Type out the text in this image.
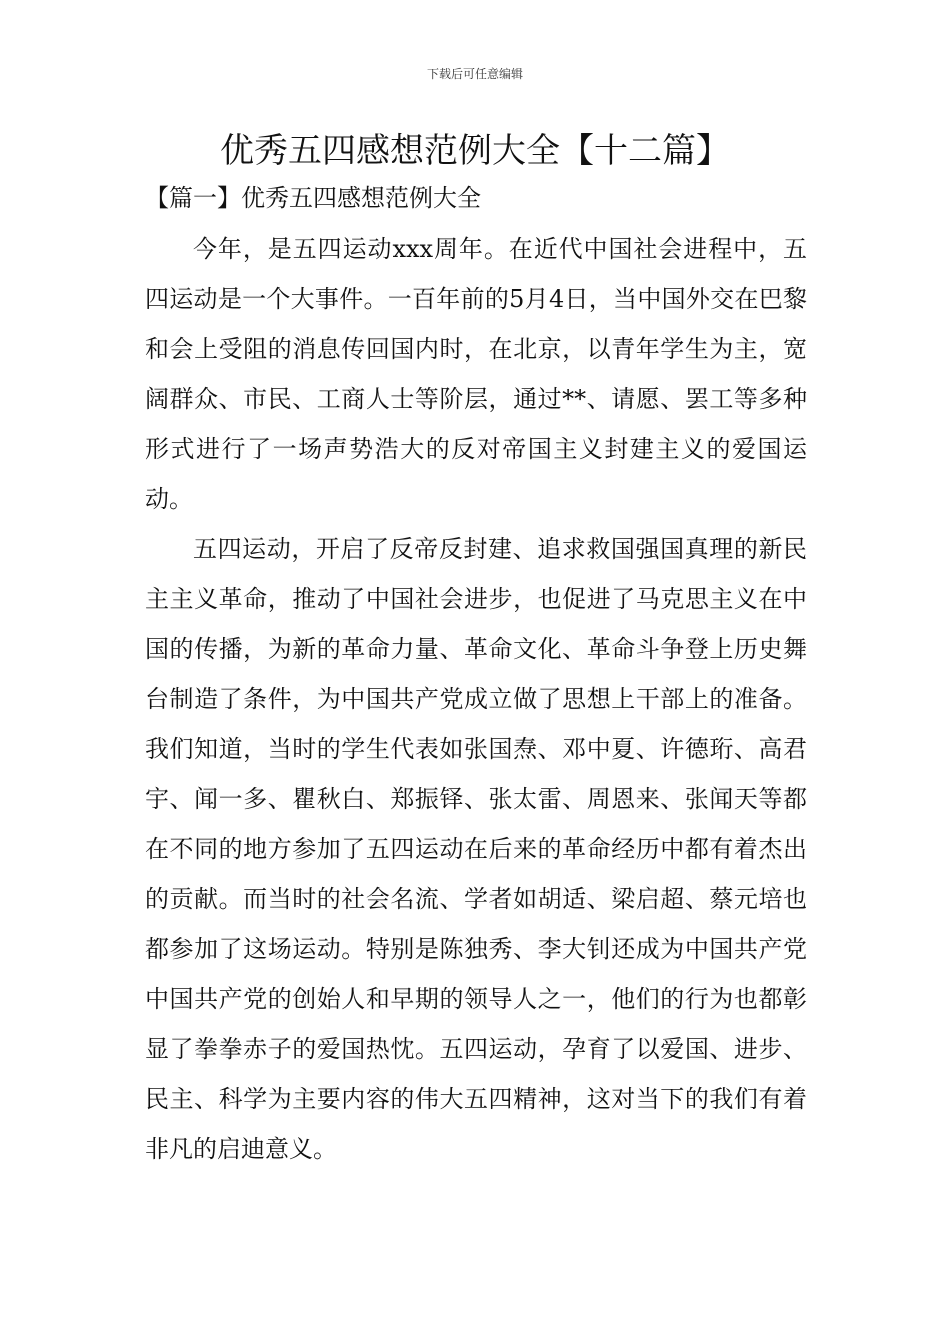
下载后可任意编辑
优秀五四感想范例大全【十二篇】
【篇一】优秀五四感想范例大全

今年，是五四运动xxx周年。在近代中国社会进程中，五四运动是一个大事件。一百年前的5月4日，当中国外交在巴黎和会上受阻的消息传回国内时，在北京，以青年学生为主，宽阔群众、市民、工商人士等阶层，通过**、请愿、罢工等多种形式进行了一场声势浩大的反对帝国主义封建主义的爱国运动。

五四运动，开启了反帝反封建、追求救国强国真理的新民主主义革命，推动了中国社会进步，也促进了马克思主义在中国的传播，为新的革命力量、革命文化、革命斗争登上历史舞台制造了条件，为中国共产党成立做了思想上干部上的准备。我们知道，当时的学生代表如张国焘、邓中夏、许德珩、高君宇、闻一多、瞿秋白、郑振铎、张太雷、周恩来、张闻天等都在不同的地方参加了五四运动在后来的革命经历中都有着杰出的贡献。而当时的社会名流、学者如胡适、梁启超、蔡元培也都参加了这场运动。特别是陈独秀、李大钊还成为中国共产党中国共产党的创始人和早期的领导人之一，他们的行为也都彰显了拳拳赤子的爱国热忱。五四运动，孕育了以爱国、进步、民主、科学为主要内容的伟大五四精神，这对当下的我们有着非凡的启迪意义。
